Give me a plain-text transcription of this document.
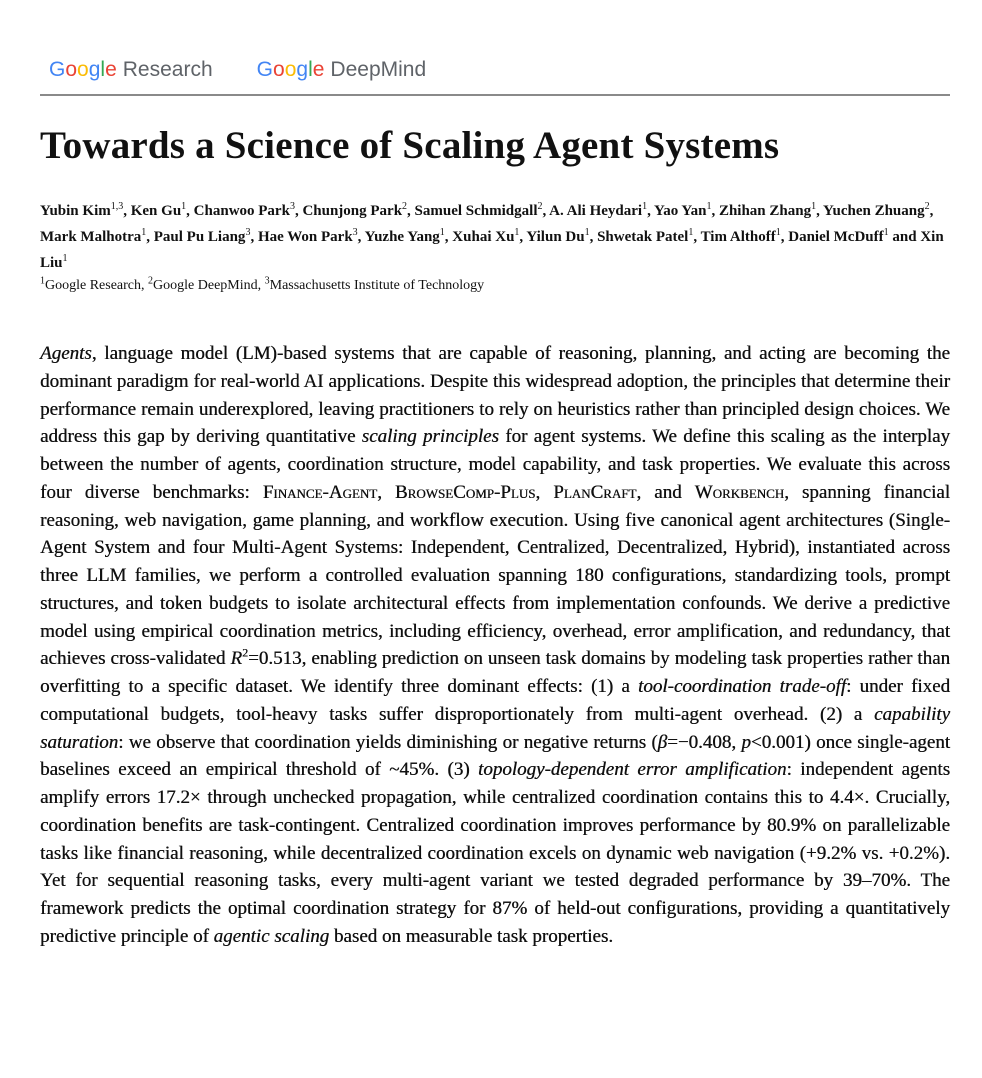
Google Research Google DeepMind
Towards a Science of Scaling Agent Systems
Yubin Kim$^{1,3}$, Ken Gu$^1$, Chanwoo Park$^3$, Chunjong Park$^2$, Samuel Schmidgall$^2$, A. Ali Heydari$^1$, Yao Yan$^1$, Zhihan Zhang$^1$, Yuchen Zhuang$^2$, Mark Malhotra$^1$, Paul Pu Liang$^3$, Hae Won Park$^3$, Yuzhe Yang$^1$, Xuhai Xu$^1$, Yilun Du$^1$, Shwetak Patel$^1$, Tim Althoff$^1$, Daniel McDuff$^1$ and Xin Liu$^1$
$^1$Google Research, $^2$Google DeepMind, $^3$Massachusetts Institute of Technology

Agents, language model (LM)-based systems that are capable of reasoning, planning, and acting are becoming the dominant paradigm for real-world AI applications. Despite this widespread adoption, the principles that determine their performance remain underexplored, leaving practitioners to rely on heuristics rather than principled design choices. We address this gap by deriving quantitative scaling principles for agent systems. We define this scaling as the interplay between the number of agents, coordination structure, model capability, and task properties. We evaluate this across four diverse benchmarks: Finance-Agent, BrowseComp-Plus, PlanCraft, and Workbench, spanning financial reasoning, web navigation, game planning, and workflow execution. Using five canonical agent architectures (Single-Agent System and four Multi-Agent Systems: Independent, Centralized, Decentralized, Hybrid), instantiated across three LLM families, we perform a controlled evaluation spanning 180 configurations, standardizing tools, prompt structures, and token budgets to isolate architectural effects from implementation confounds. We derive a predictive model using empirical coordination metrics, including efficiency, overhead, error amplification, and redundancy, that achieves cross-validated $R^2=0.513$, enabling prediction on unseen task domains by modeling task properties rather than overfitting to a specific dataset. We identify three dominant effects: (1) a tool-coordination trade-off: under fixed computational budgets, tool-heavy tasks suffer disproportionately from multi-agent overhead. (2) a capability saturation: we observe that coordination yields diminishing or negative returns (β=−0.408, p<0.001) once single-agent baselines exceed an empirical threshold of ~45%. (3) topology-dependent error amplification: independent agents amplify errors 17.2× through unchecked propagation, while centralized coordination contains this to 4.4×. Crucially, coordination benefits are task-contingent. Centralized coordination improves performance by 80.9% on parallelizable tasks like financial reasoning, while decentralized coordination excels on dynamic web navigation (+9.2% vs. +0.2%). Yet for sequential reasoning tasks, every multi-agent variant we tested degraded performance by 39–70%. The framework predicts the optimal coordination strategy for 87% of held-out configurations, providing a quantitatively predictive principle of agentic scaling based on measurable task properties.
